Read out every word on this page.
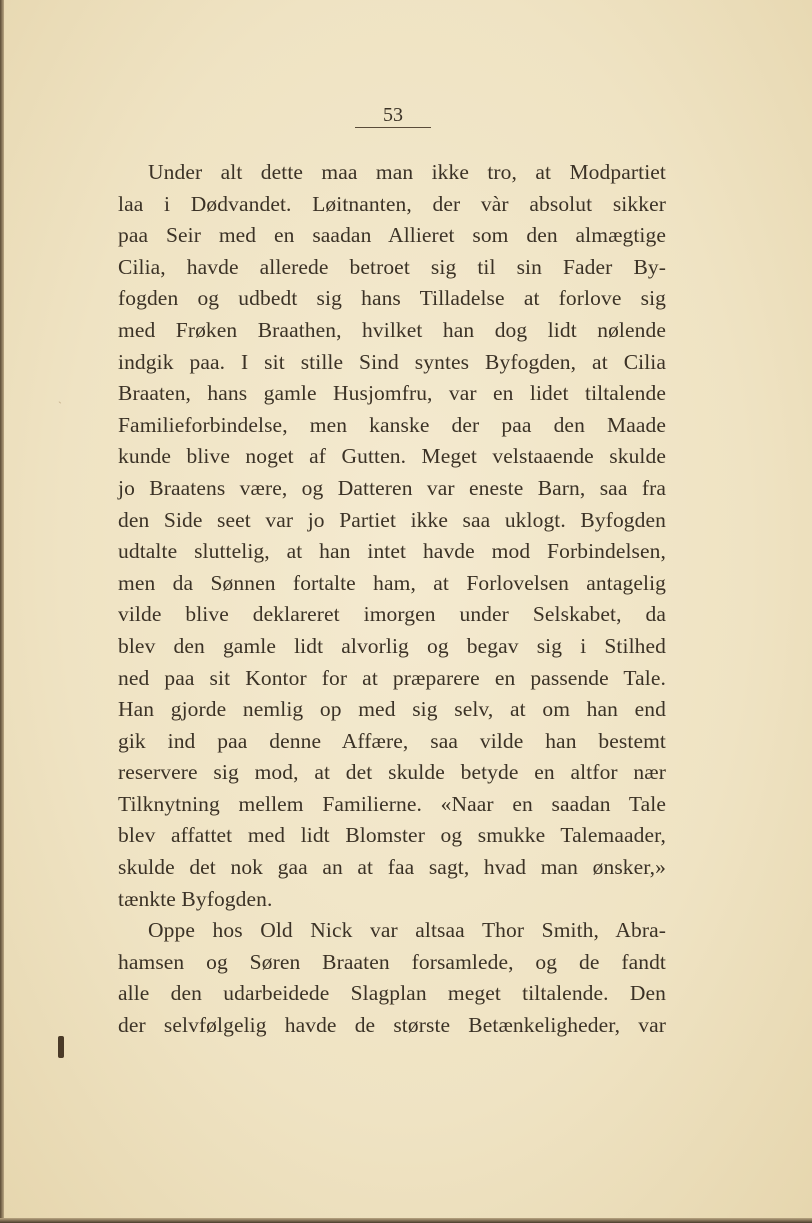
ˏ
53
Under alt dette maa man ikke tro, at Modpartiet
laa i Dødvandet. Løitnanten, der vàr absolut sikker
paa Seir med en saadan Allieret som den almægtige
Cilia, havde allerede betroet sig til sin Fader By-
fogden og udbedt sig hans Tilladelse at forlove sig
med Frøken Braathen, hvilket han dog lidt nølende
indgik paa. I sit stille Sind syntes Byfogden, at Cilia
Braaten, hans gamle Husjomfru, var en lidet tiltalende
Familieforbindelse, men kanske der paa den Maade
kunde blive noget af Gutten. Meget velstaaende skulde
jo Braatens være, og Datteren var eneste Barn, saa fra
den Side seet var jo Partiet ikke saa uklogt. Byfogden
udtalte sluttelig, at han intet havde mod Forbindelsen,
men da Sønnen fortalte ham, at Forlovelsen antagelig
vilde blive deklareret imorgen under Selskabet, da
blev den gamle lidt alvorlig og begav sig i Stilhed
ned paa sit Kontor for at præparere en passende Tale.
Han gjorde nemlig op med sig selv, at om han end
gik ind paa denne Affære, saa vilde han bestemt
reservere sig mod, at det skulde betyde en altfor nær
Tilknytning mellem Familierne. «Naar en saadan Tale
blev affattet med lidt Blomster og smukke Talemaader,
skulde det nok gaa an at faa sagt, hvad man ønsker,»
tænkte Byfogden.
Oppe hos Old Nick var altsaa Thor Smith, Abra-
hamsen og Søren Braaten forsamlede, og de fandt
alle den udarbeidede Slagplan meget tiltalende. Den
der selvfølgelig havde de største Betænkeligheder, var
